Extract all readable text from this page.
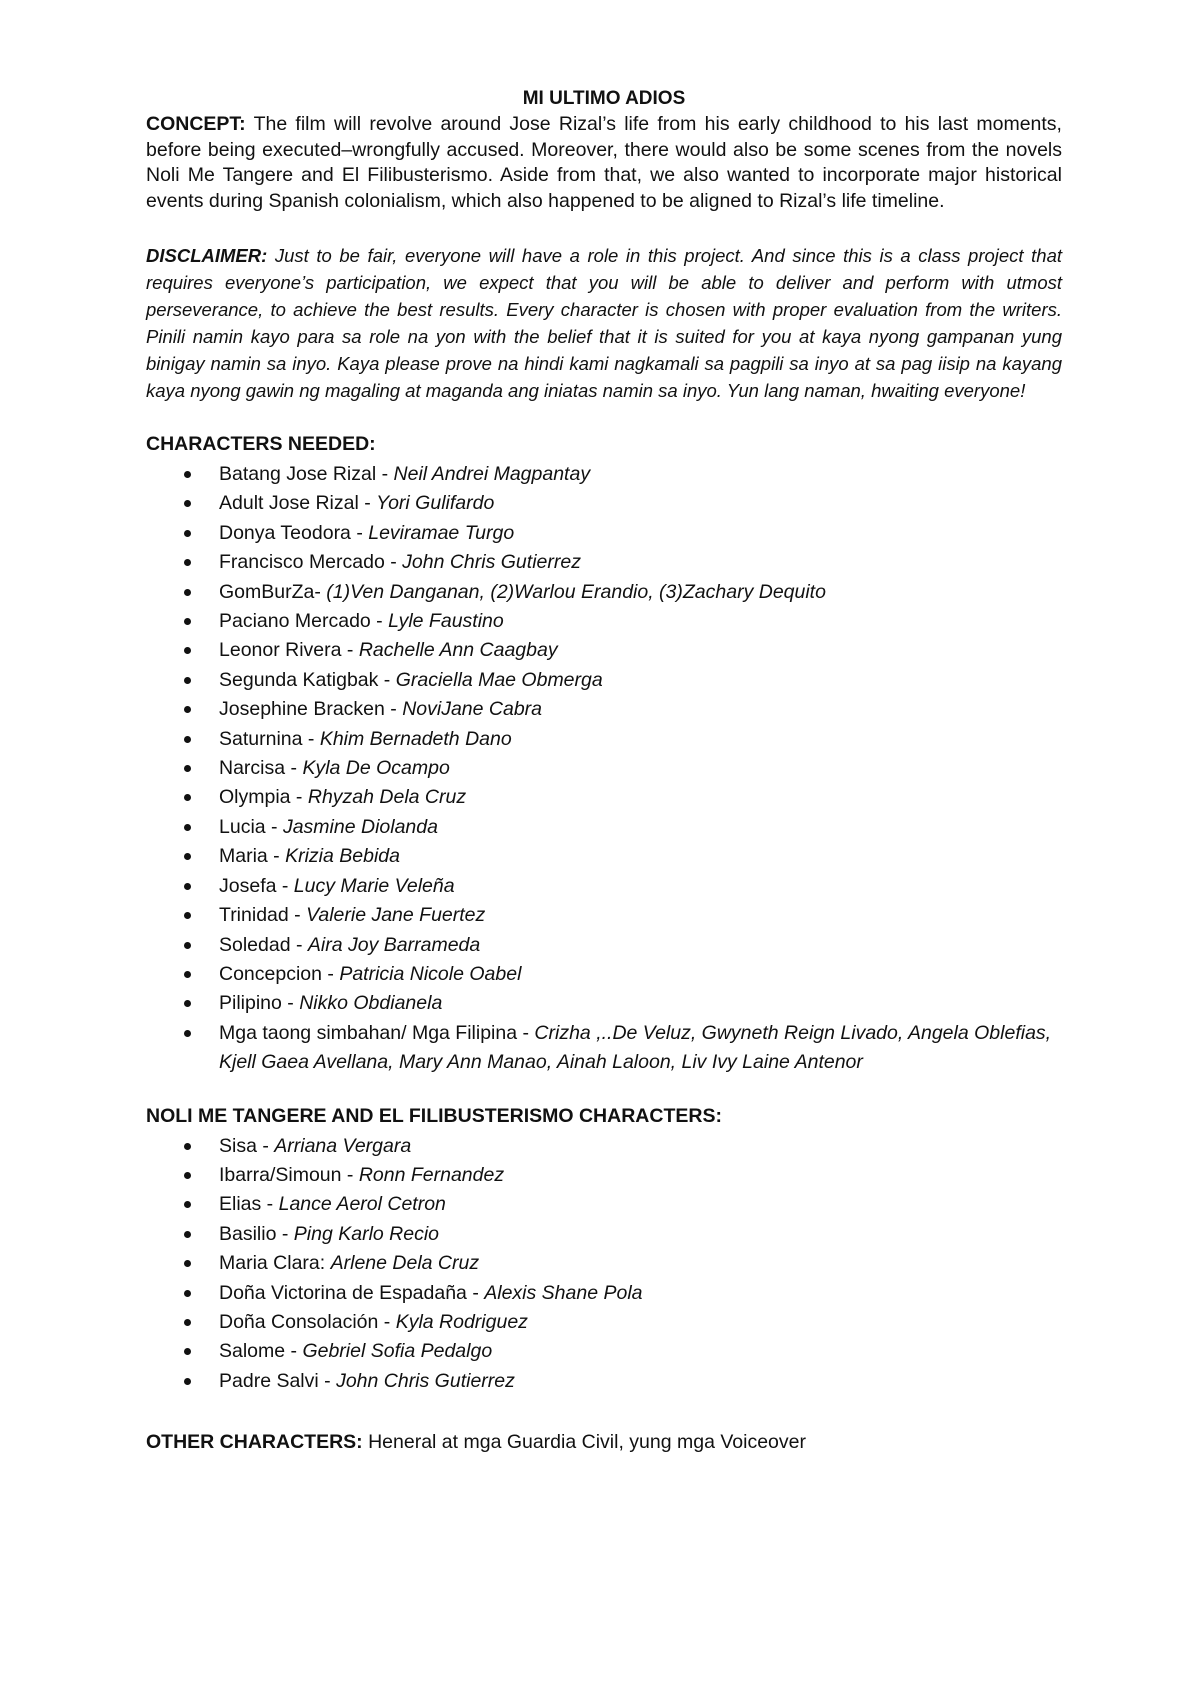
MI ULTIMO ADIOS

CONCEPT: The film will revolve around Jose Rizal’s life from his early childhood to his last moments, before being executed–wrongfully accused. Moreover, there would also be some scenes from the novels Noli Me Tangere and El Filibusterismo. Aside from that, we also wanted to incorporate major historical events during Spanish colonialism, which also happened to be aligned to Rizal’s life timeline.

DISCLAIMER: Just to be fair, everyone will have a role in this project. And since this is a class project that requires everyone’s participation, we expect that you will be able to deliver and perform with utmost perseverance, to achieve the best results. Every character is chosen with proper evaluation from the writers. Pinili namin kayo para sa role na yon with the belief that it is suited for you at kaya nyong gampanan yung binigay namin sa inyo. Kaya please prove na hindi kami nagkamali sa pagpili sa inyo at sa pag iisip na kayang kaya nyong gawin ng magaling at maganda ang iniatas namin sa inyo. Yun lang naman, hwaiting everyone!

CHARACTERS NEEDED:
Batang Jose Rizal - Neil Andrei Magpantay
Adult Jose Rizal - Yori Gulifardo
Donya Teodora - Leviramae Turgo
Francisco Mercado - John Chris Gutierrez
GomBurZa- (1)Ven Danganan, (2)Warlou Erandio, (3)Zachary Dequito
Paciano Mercado - Lyle Faustino
Leonor Rivera - Rachelle Ann Caagbay
Segunda Katigbak - Graciella Mae Obmerga
Josephine Bracken - NoviJane Cabra
Saturnina - Khim Bernadeth Dano
Narcisa - Kyla De Ocampo
Olympia - Rhyzah Dela Cruz
Lucia - Jasmine Diolanda
Maria - Krizia Bebida
Josefa - Lucy Marie Veleña
Trinidad - Valerie Jane Fuertez
Soledad - Aira Joy Barrameda
Concepcion - Patricia Nicole Oabel
Pilipino - Nikko Obdianela
Mga taong simbahan/ Mga Filipina - Crizha ,..De Veluz, Gwyneth Reign Livado, Angela Oblefias, Kjell Gaea Avellana, Mary Ann Manao, Ainah Laloon, Liv Ivy Laine Antenor
NOLI ME TANGERE AND EL FILIBUSTERISMO CHARACTERS:
Sisa - Arriana Vergara
Ibarra/Simoun - Ronn Fernandez
Elias - Lance Aerol Cetron
Basilio - Ping Karlo Recio
Maria Clara: Arlene Dela Cruz
Doña Victorina de Espadaña - Alexis Shane Pola
Doña Consolación - Kyla Rodriguez
Salome - Gebriel Sofia Pedalgo
Padre Salvi - John Chris Gutierrez

OTHER CHARACTERS: Heneral at mga Guardia Civil, yung mga Voiceover
